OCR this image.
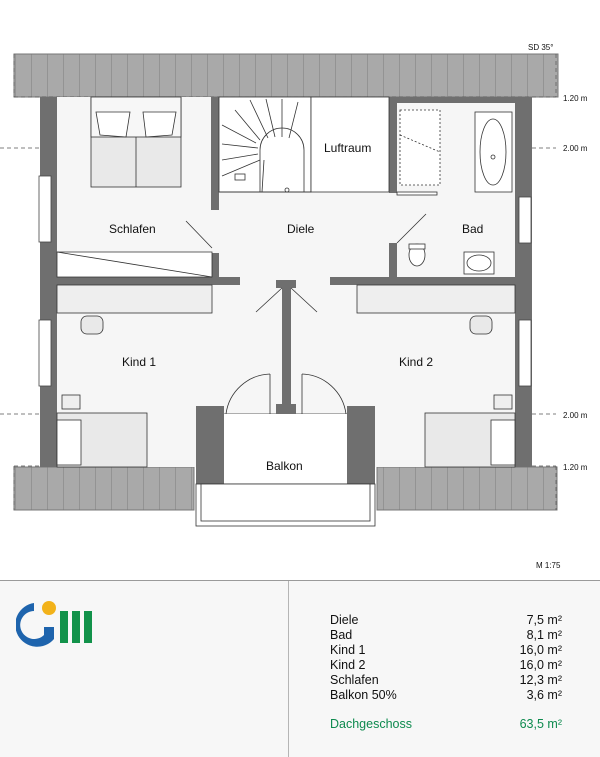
SD 35°
1.20 m
2.00 m
2.00 m
1.20 m
Schlafen	Diele
Luftraum
Bad
Kind 1	Kind 2
Balkon
M 1:75
Diele	7,5 m²
Bad	8,1 m²
Kind 1	16,0 m²
Kind 2	16,0 m²
Schlafen	12,3 m²
Balkon 50%	3,6 m²
Dachgeschoss	63,5 m²
